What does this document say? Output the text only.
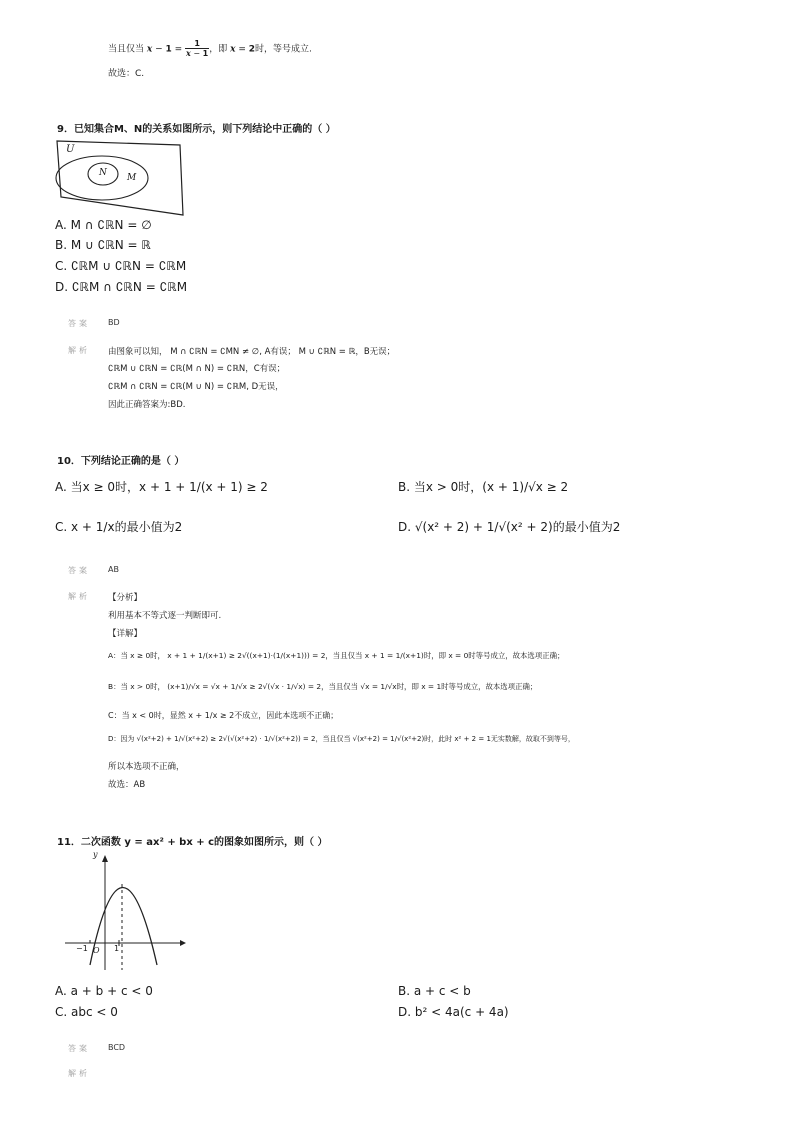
当且仅当 $x - 1 = \frac{1}{x - 1}$ ，即 x = 2时，等号成立.
故选：C.
9．已知集合M、N的关系如图所示，则下列结论中正确的（ ）
U
N M
A. M ∩ ∁ℝN = ∅
B. M ∪ ∁ℝN = ℝ
C. ∁ℝM ∪ ∁ℝN = ∁ℝM
D. ∁ℝM ∩ ∁ℝN = ∁ℝM
答案 BD
解析 由图象可以知， M ∩ ∁ℝN = ∁MN ≠ ∅, A有误； M ∪ ∁ℝN = ℝ，B无误；
∁ℝM ∪ ∁ℝN = ∁ℝ(M ∩ N) = ∁ℝN，C有误；
∁ℝM ∩ ∁ℝN = ∁ℝ(M ∪ N) = ∁ℝM, D无误，
因此正确答案为:BD.
10．下列结论正确的是（ ）
A. 当x ≥ 0时，x + 1 + 1/(x + 1) ≥ 2	B. 当x > 0时，(x + 1)/√x ≥ 2
C. x + 1/x的最小值为2	D. √(x² + 2) + 1/√(x² + 2)的最小值为2
答案 AB
解析 【分析】
利用基本不等式逐一判断即可.
【详解】
A：当 x ≥ 0时， x + 1 + 1/(x+1) ≥ 2√((x+1)·(1/(x+1))) = 2，当且仅当 x + 1 = 1/(x+1)时，即 x = 0时等号成立，故本选项正确；
B：当 x > 0时， (x+1)/√x = √x + 1/√x ≥ 2√(√x · 1/√x) = 2，当且仅当 √x = 1/√x时，即 x = 1时等号成立，故本选项正确；
C：当 x < 0时，显然 x + 1/x ≥ 2不成立，因此本选项不正确；
D：因为 √(x²+2) + 1/√(x²+2) ≥ 2√(√(x²+2) · 1/√(x²+2)) = 2，当且仅当 √(x²+2) = 1/√(x²+2)时，此时 x² + 2 = 1无实数解，故取不到等号，
所以本选项不正确，
故选：AB
11．二次函数 y = ax² + bx + c的图象如图所示，则（ ）
y
−1 O 1
A. a + b + c < 0	B. a + c < b
C. abc < 0	D. b² < 4a(c + 4a)
答案 BCD
解析
